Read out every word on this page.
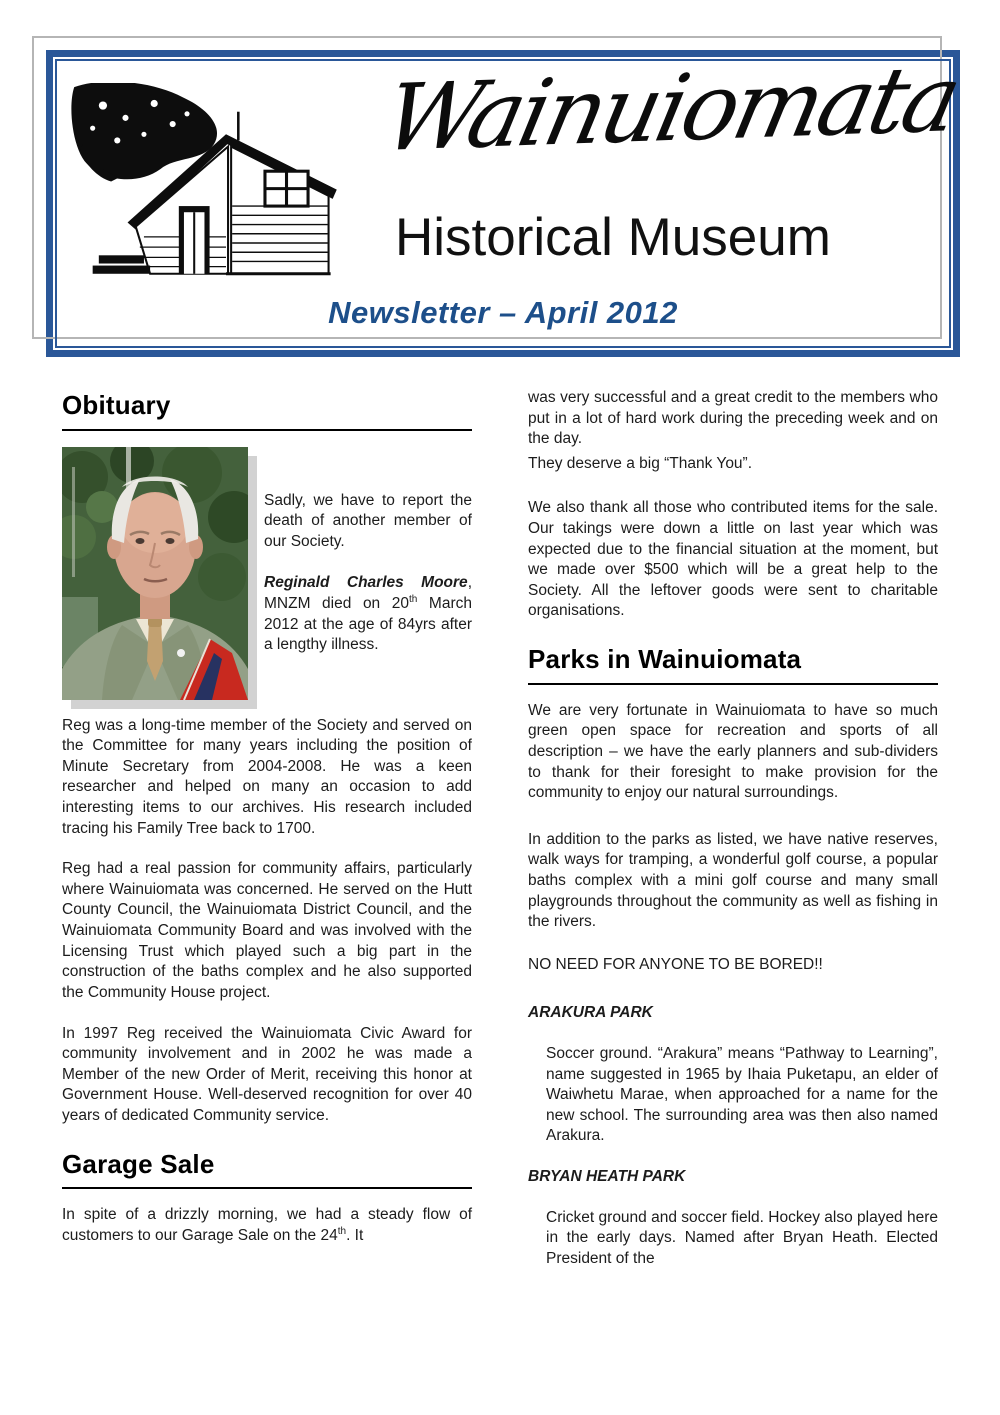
Wainuiomata
Historical Museum
Newsletter – April 2012
Obituary

Sadly, we have to report the death of another member of our Society.

Reginald Charles Moore, MNZM died on 20th March 2012 at the age of 84yrs after a lengthy illness.

Reg was a long-time member of the Society and served on the Committee for many years including the position of Minute Secretary from 2004-2008. He was a keen researcher and helped on many an occasion to add interesting items to our archives. His research included tracing his Family Tree back to 1700.

Reg had a real passion for community affairs, particularly where Wainuiomata was concerned. He served on the Hutt County Council, the Wainuiomata District Council, and the Wainuiomata Community Board and was involved with the Licensing Trust which played such a big part in the construction of the baths complex and he also supported the Community House project.

In 1997 Reg received the Wainuiomata Civic Award for community involvement and in 2002 he was made a Member of the new Order of Merit, receiving this honor at Government House. Well-deserved recognition for over 40 years of dedicated Community service.

Garage Sale

In spite of a drizzly morning, we had a steady flow of customers to our Garage Sale on the 24th. It

was very successful and a great credit to the members who put in a lot of hard work during the preceding week and on the day.

They deserve a big “Thank You”.

We also thank all those who contributed items for the sale. Our takings were down a little on last year which was expected due to the financial situation at the moment, but we made over $500 which will be a great help to the Society. All the leftover goods were sent to charitable organisations.

Parks in Wainuiomata

We are very fortunate in Wainuiomata to have so much green open space for recreation and sports of all description – we have the early planners and sub-dividers to thank for their foresight to make provision for the community to enjoy our natural surroundings.

In addition to the parks as listed, we have native reserves, walk ways for tramping, a wonderful golf course, a popular baths complex with a mini golf course and many small playgrounds throughout the community as well as fishing in the rivers.

NO NEED FOR ANYONE TO BE BORED!!

ARAKURA PARK

Soccer ground. “Arakura” means “Pathway to Learning”, name suggested in 1965 by Ihaia Puketapu, an elder of Waiwhetu Marae, when approached for a name for the new school. The surrounding area was then also named Arakura.

BRYAN HEATH PARK

Cricket ground and soccer field. Hockey also played here in the early days. Named after Bryan Heath. Elected President of the
